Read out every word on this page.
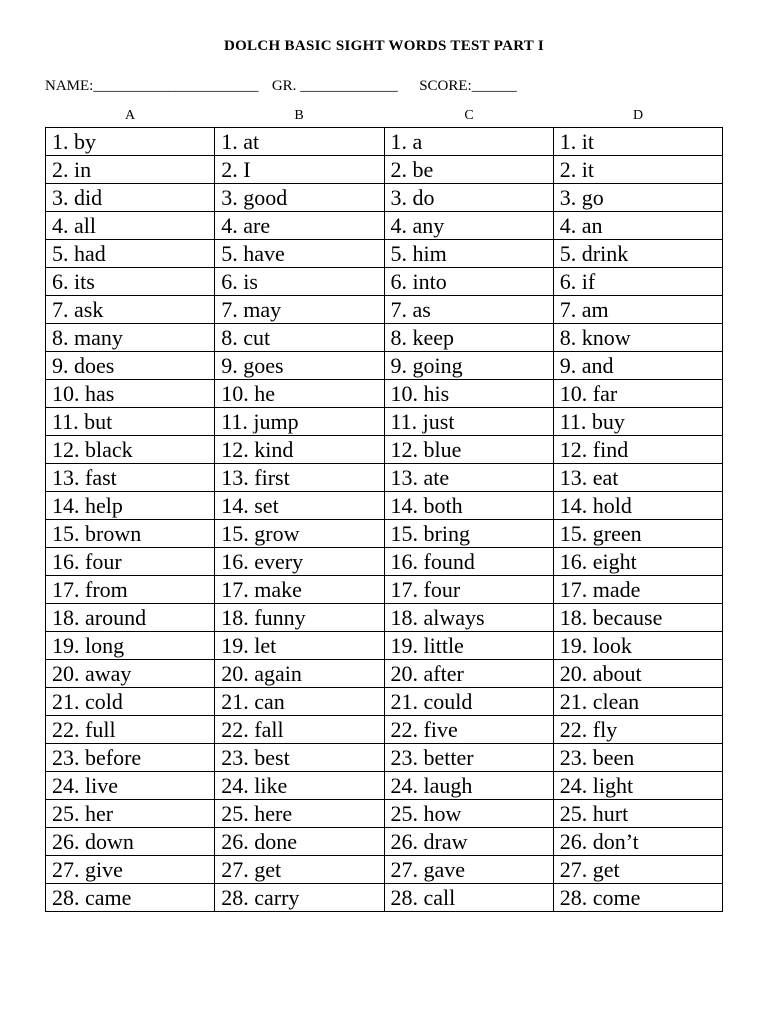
DOLCH BASIC SIGHT WORDS TEST PART I
NAME:______________________ GR. _____________ SCORE:______
A	B	C	D
1. by	1. at	1. a	1. it
2. in	2. I	2. be	2. it
3. did	3. good	3. do	3. go
4. all	4. are	4. any	4. an
5. had	5. have	5. him	5. drink
6. its	6. is	6. into	6. if
7. ask	7. may	7. as	7. am
8. many	8. cut	8. keep	8. know
9. does	9. goes	9. going	9. and
10. has	10. he	10. his	10. far
11. but	11. jump	11. just	11. buy
12. black	12. kind	12. blue	12. find
13. fast	13. first	13. ate	13. eat
14. help	14. set	14. both	14. hold
15. brown	15. grow	15. bring	15. green
16. four	16. every	16. found	16. eight
17. from	17. make	17. four	17. made
18. around	18. funny	18. always	18. because
19. long	19. let	19. little	19. look
20. away	20. again	20. after	20. about
21. cold	21. can	21. could	21. clean
22. full	22. fall	22. five	22. fly
23. before	23. best	23. better	23. been
24. live	24. like	24. laugh	24. light
25. her	25. here	25. how	25. hurt
26. down	26. done	26. draw	26. don’t
27. give	27. get	27. gave	27. get
28. came	28. carry	28. call	28. come
